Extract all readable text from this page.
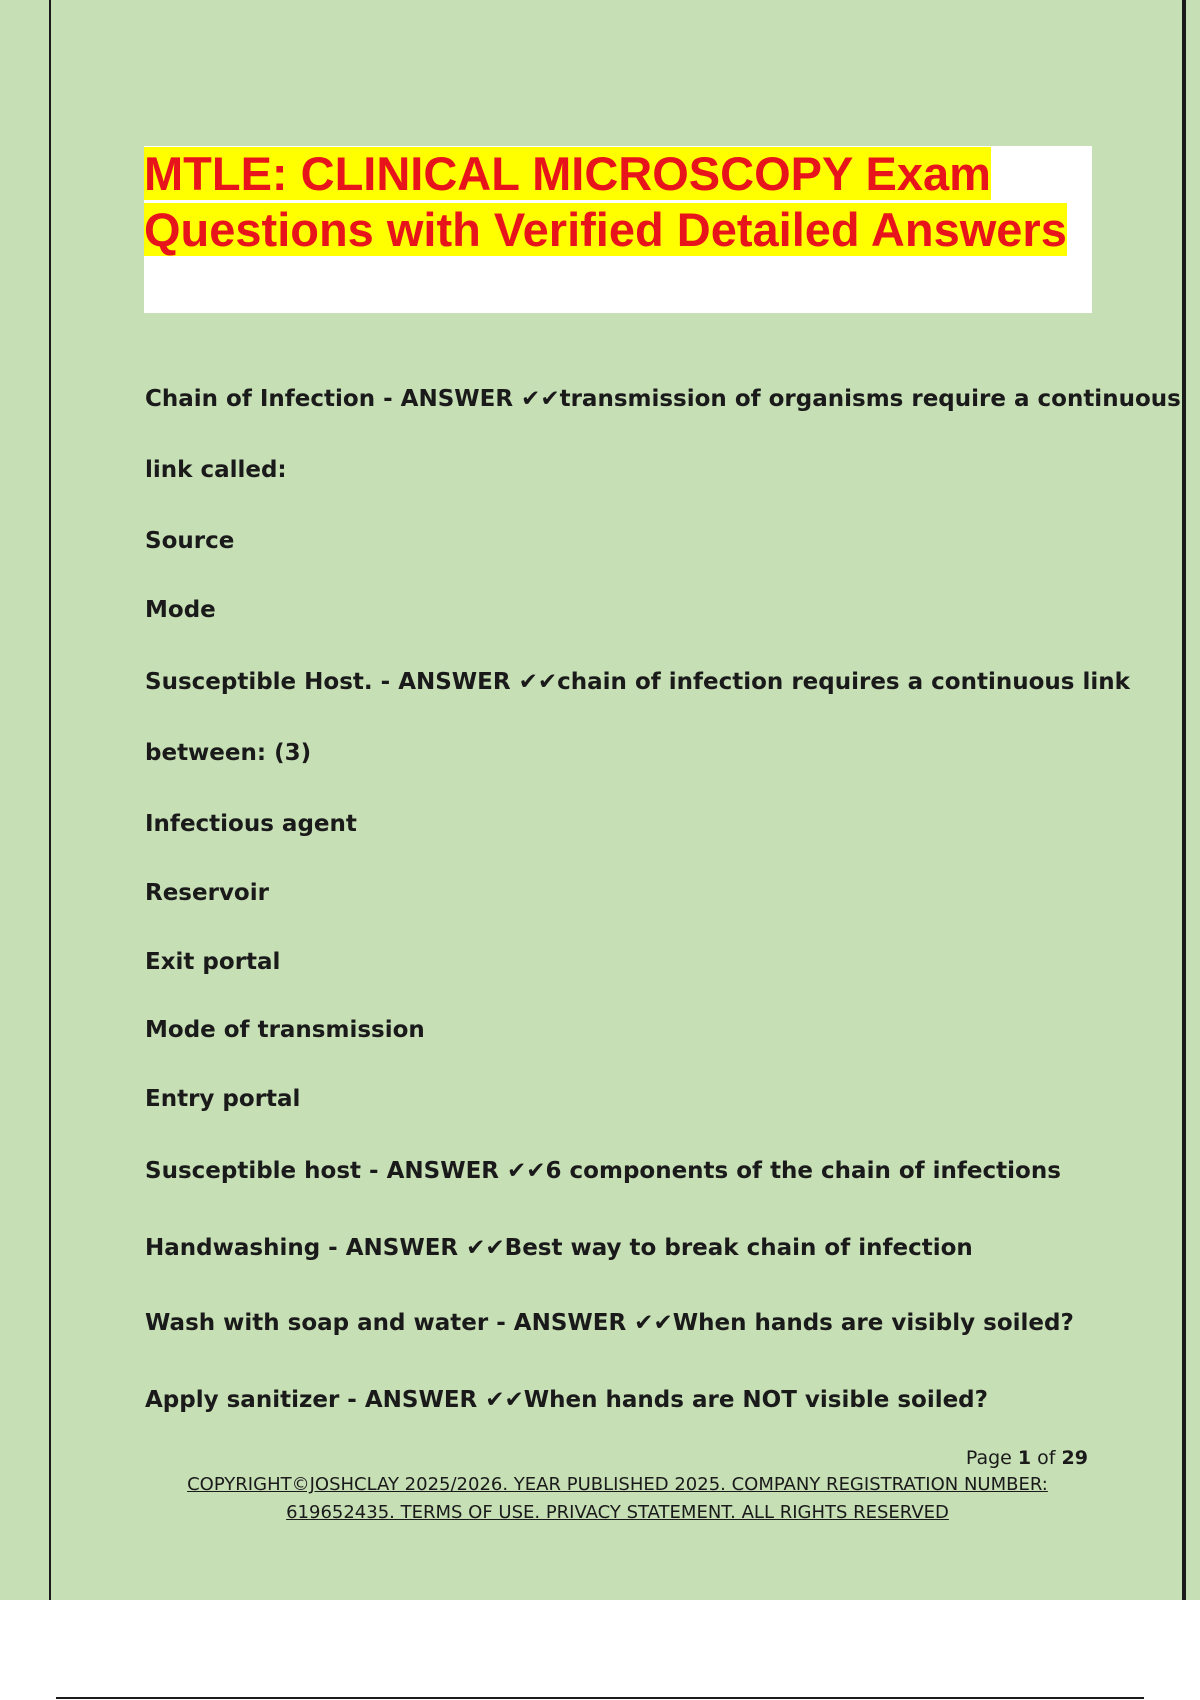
MTLE: CLINICAL MICROSCOPY Exam Questions with Verified Detailed Answers
Chain of Infection - ANSWER ✔✔transmission of organisms require a continuous
link called:
Source
Mode
Susceptible Host. - ANSWER ✔✔chain of infection requires a continuous link
between: (3)
Infectious agent
Reservoir
Exit portal
Mode of transmission
Entry portal
Susceptible host - ANSWER ✔✔6 components of the chain of infections
Handwashing - ANSWER ✔✔Best way to break chain of infection
Wash with soap and water - ANSWER ✔✔When hands are visibly soiled?
Apply sanitizer - ANSWER ✔✔When hands are NOT visible soiled?
Page 1 of 29
COPYRIGHT©JOSHCLAY 2025/2026. YEAR PUBLISHED 2025. COMPANY REGISTRATION NUMBER:
619652435. TERMS OF USE. PRIVACY STATEMENT. ALL RIGHTS RESERVED
